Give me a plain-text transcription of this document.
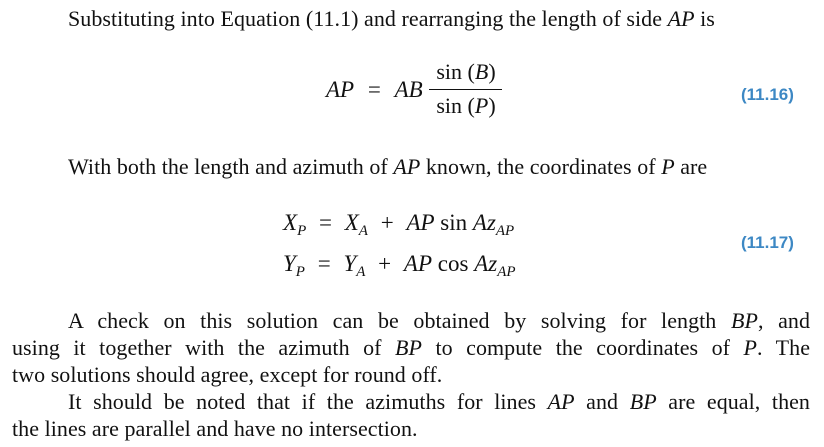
Substituting into Equation (11.1) and rearranging the length of side AP is
AP = AB
sin (B)
sin (P)	(11.16)
With both the length and azimuth of AP known, the coordinates of P are
$X_P = X_A$ + AP $\sin Az_{AP}$
$Y_P = Y_A$ + AP $\cos Az_{AP}$
(11.17)
A check on this solution can be obtained by solving for length BP, and
using it together with the azimuth of BP to compute the coordinates of P. The
two solutions should agree, except for round off.
It should be noted that if the azimuths for lines AP and BP are equal, then
the lines are parallel and have no intersection.
